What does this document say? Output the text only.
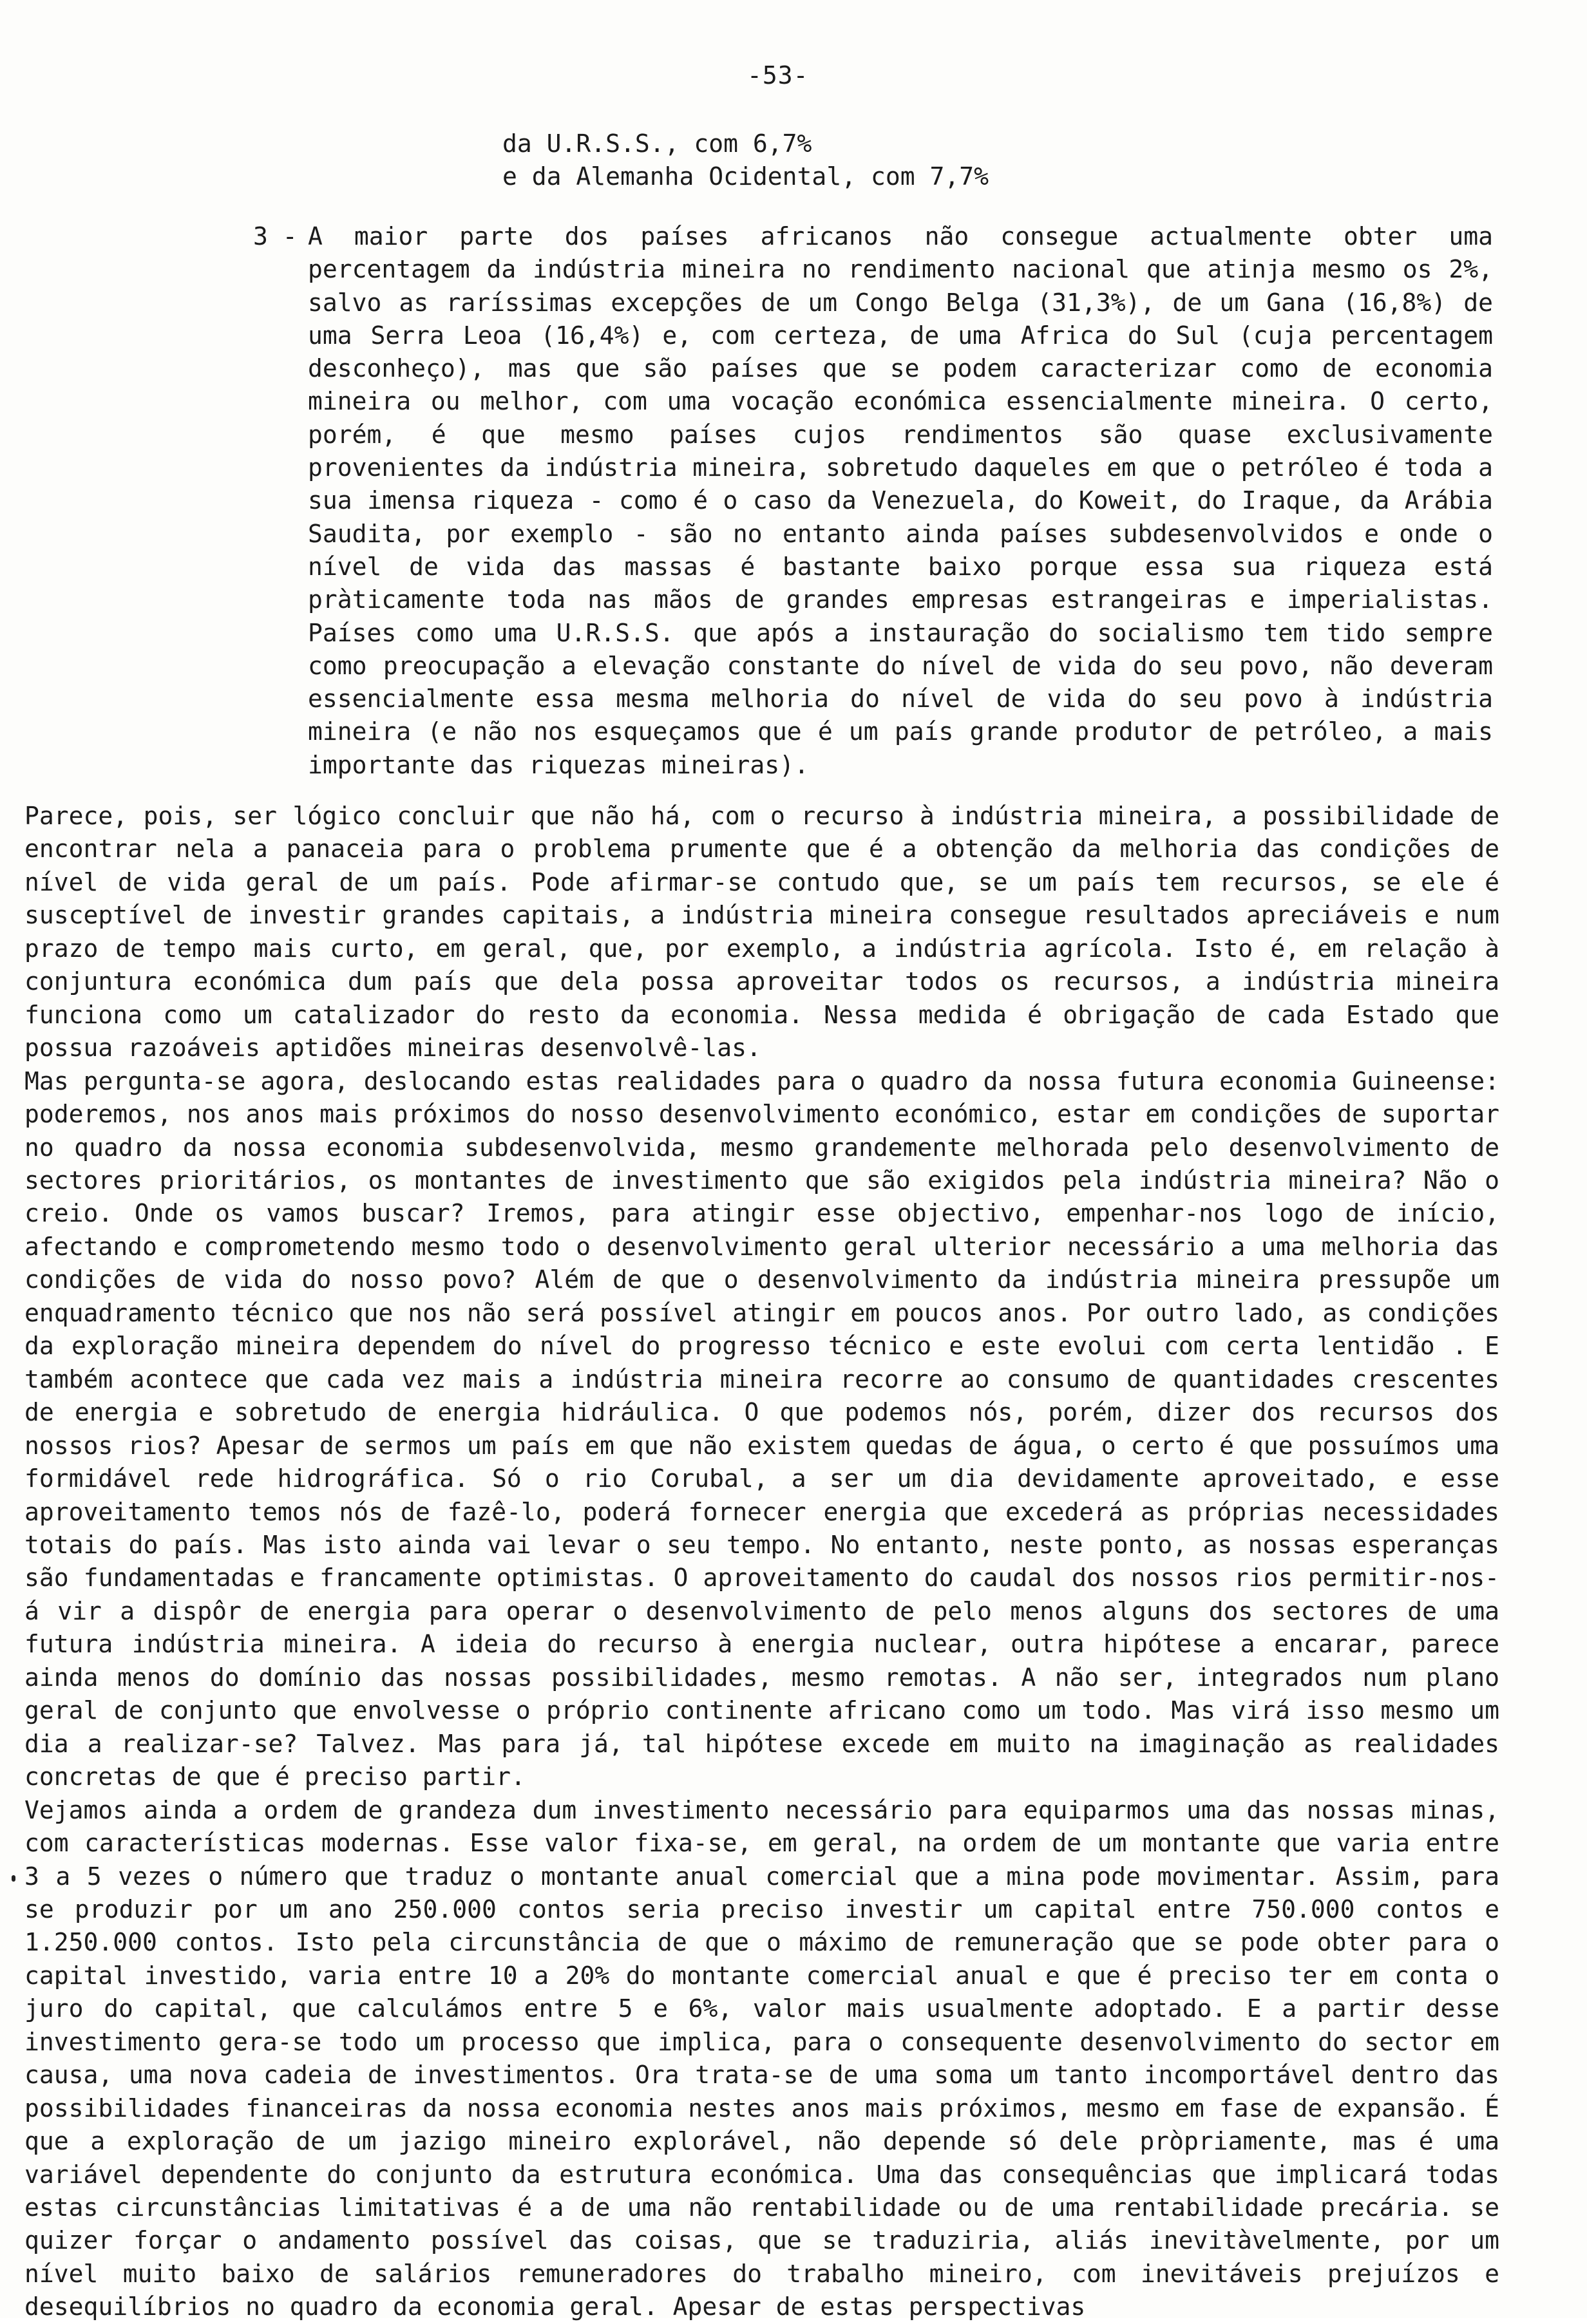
-53-
da U.R.S.S., com 6,7%
e da Alemanha Ocidental, com 7,7%
3 - A maior parte dos países africanos não consegue actualmente obter uma percentagem da indústria mineira no rendimento nacional que atinja mesmo os 2%, salvo as raríssimas excepções de um Congo Belga (31,3%), de um Gana (16,8%) de uma Serra Leoa (16,4%) e, com certeza, de uma Africa do Sul (cuja percentagem desconheço), mas que são países que se podem caracterizar como de economia mineira ou melhor, com uma vocação económica essencialmente mineira. O certo, porém, é que mesmo países cujos rendimentos são quase exclusivamente provenientes da indústria mineira, sobretudo daqueles em que o petróleo é toda a sua imensa riqueza - como é o caso da Venezuela, do Koweit, do Iraque, da Arábia Saudita, por exemplo - são no entanto ainda países subdesenvolvidos e onde o nível de vida das massas é bastante baixo porque essa sua riqueza está pràticamente toda nas mãos de grandes empresas estrangeiras e imperialistas. Países como uma U.R.S.S. que após a instauração do socialismo tem tido sempre como preocupação a elevação constante do nível de vida do seu povo, não deveram essencialmente essa mesma melhoria do nível de vida do seu povo à indústria mineira (e não nos esqueçamos que é um país grande produtor de petróleo, a mais importante das riquezas mineiras).

Parece, pois, ser lógico concluir que não há, com o recurso à indústria mineira, a possibilidade de encontrar nela a panaceia para o problema prumente que é a obtenção da melhoria das condições de nível de vida geral de um país. Pode afirmar-se contudo que, se um país tem recursos, se ele é susceptível de investir grandes capitais, a indústria mineira consegue resultados apreciáveis e num prazo de tempo mais curto, em geral, que, por exemplo, a indústria agrícola. Isto é, em relação à conjuntura económica dum país que dela possa aproveitar todos os recursos, a indústria mineira funciona como um catalizador do resto da economia. Nessa medida é obrigação de cada Estado que possua razoáveis aptidões mineiras desenvolvê-las.

Mas pergunta-se agora, deslocando estas realidades para o quadro da nossa futura economia Guineense: poderemos, nos anos mais próximos do nosso desenvolvimento económico, estar em condições de suportar no quadro da nossa economia subdesenvolvida, mesmo grandemente melhorada pelo desenvolvimento de sectores prioritários, os montantes de investimento que são exigidos pela indústria mineira? Não o creio. Onde os vamos buscar? Iremos, para atingir esse objectivo, empenhar-nos logo de início, afectando e comprometendo mesmo todo o desenvolvimento geral ulterior necessário a uma melhoria das condições de vida do nosso povo? Além de que o desenvolvimento da indústria mineira pressupõe um enquadramento técnico que nos não será possível atingir em poucos anos. Por outro lado, as condições da exploração mineira dependem do nível do progresso técnico e este evolui com certa lentidão . E também acontece que cada vez mais a indústria mineira recorre ao consumo de quantidades crescentes de energia e sobretudo de energia hidráulica. O que podemos nós, porém, dizer dos recursos dos nossos rios? Apesar de sermos um país em que não existem quedas de água, o certo é que possuímos uma formidável rede hidrográfica. Só o rio Corubal, a ser um dia devidamente aproveitado, e esse aproveitamento temos nós de fazê-lo, poderá fornecer energia que excederá as próprias necessidades totais do país. Mas isto ainda vai levar o seu tempo. No entanto, neste ponto, as nossas esperanças são fundamentadas e francamente optimistas. O aproveitamento do caudal dos nossos rios permitir-nos-á vir a dispôr de energia para operar o desenvolvimento de pelo menos alguns dos sectores de uma futura indústria mineira. A ideia do recurso à energia nuclear, outra hipótese a encarar, parece ainda menos do domínio das nossas possibilidades, mesmo remotas. A não ser, integrados num plano geral de conjunto que envolvesse o próprio continente africano como um todo. Mas virá isso mesmo um dia a realizar-se? Talvez. Mas para já, tal hipótese excede em muito na imaginação as realidades concretas de que é preciso partir.

Vejamos ainda a ordem de grandeza dum investimento necessário para equiparmos uma das nossas minas, com características modernas. Esse valor fixa-se, em geral, na ordem de um montante que varia entre 3 a 5 vezes o número que traduz o montante anual comercial que a mina pode movimentar. Assim, para se produzir por um ano 250.000 contos seria preciso investir um capital entre 750.000 contos e 1.250.000 contos. Isto pela circunstância de que o máximo de remuneração que se pode obter para o capital investido, varia entre 10 a 20% do montante comercial anual e que é preciso ter em conta o juro do capital, que calculámos entre 5 e 6%, valor mais usualmente adoptado. E a partir desse investimento gera-se todo um processo que implica, para o consequente desenvolvimento do sector em causa, uma nova cadeia de investimentos. Ora trata-se de uma soma um tanto incomportável dentro das possibilidades financeiras da nossa economia nestes anos mais próximos, mesmo em fase de expansão. É que a exploração de um jazigo mineiro explorável, não depende só dele pròpriamente, mas é uma variável dependente do conjunto da estrutura económica. Uma das consequências que implicará todas estas circunstâncias limitativas é a de uma não rentabilidade ou de uma rentabilidade precária. se quizer forçar o andamento possível das coisas, que se traduziria, aliás inevitàvelmente, por um nível muito baixo de salários remuneradores do trabalho mineiro, com inevitáveis prejuízos e desequilíbrios no quadro da economia geral. Apesar de estas perspectivas
